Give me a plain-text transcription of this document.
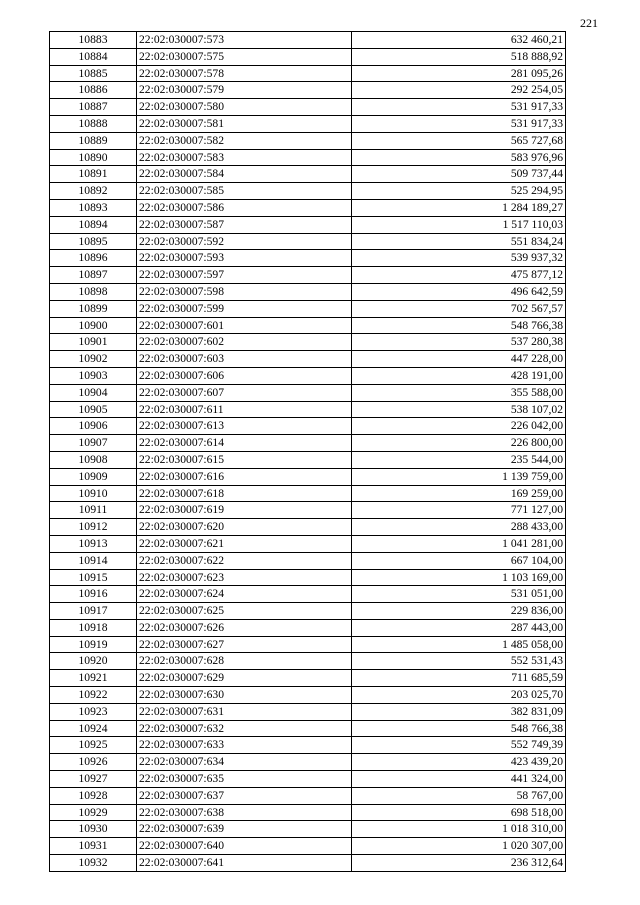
221
10883	22:02:030007:573	632 460,21
10884	22:02:030007:575	518 888,92
10885	22:02:030007:578	281 095,26
10886	22:02:030007:579	292 254,05
10887	22:02:030007:580	531 917,33
10888	22:02:030007:581	531 917,33
10889	22:02:030007:582	565 727,68
10890	22:02:030007:583	583 976,96
10891	22:02:030007:584	509 737,44
10892	22:02:030007:585	525 294,95
10893	22:02:030007:586	1 284 189,27
10894	22:02:030007:587	1 517 110,03
10895	22:02:030007:592	551 834,24
10896	22:02:030007:593	539 937,32
10897	22:02:030007:597	475 877,12
10898	22:02:030007:598	496 642,59
10899	22:02:030007:599	702 567,57
10900	22:02:030007:601	548 766,38
10901	22:02:030007:602	537 280,38
10902	22:02:030007:603	447 228,00
10903	22:02:030007:606	428 191,00
10904	22:02:030007:607	355 588,00
10905	22:02:030007:611	538 107,02
10906	22:02:030007:613	226 042,00
10907	22:02:030007:614	226 800,00
10908	22:02:030007:615	235 544,00
10909	22:02:030007:616	1 139 759,00
10910	22:02:030007:618	169 259,00
10911	22:02:030007:619	771 127,00
10912	22:02:030007:620	288 433,00
10913	22:02:030007:621	1 041 281,00
10914	22:02:030007:622	667 104,00
10915	22:02:030007:623	1 103 169,00
10916	22:02:030007:624	531 051,00
10917	22:02:030007:625	229 836,00
10918	22:02:030007:626	287 443,00
10919	22:02:030007:627	1 485 058,00
10920	22:02:030007:628	552 531,43
10921	22:02:030007:629	711 685,59
10922	22:02:030007:630	203 025,70
10923	22:02:030007:631	382 831,09
10924	22:02:030007:632	548 766,38
10925	22:02:030007:633	552 749,39
10926	22:02:030007:634	423 439,20
10927	22:02:030007:635	441 324,00
10928	22:02:030007:637	58 767,00
10929	22:02:030007:638	698 518,00
10930	22:02:030007:639	1 018 310,00
10931	22:02:030007:640	1 020 307,00
10932	22:02:030007:641	236 312,64
